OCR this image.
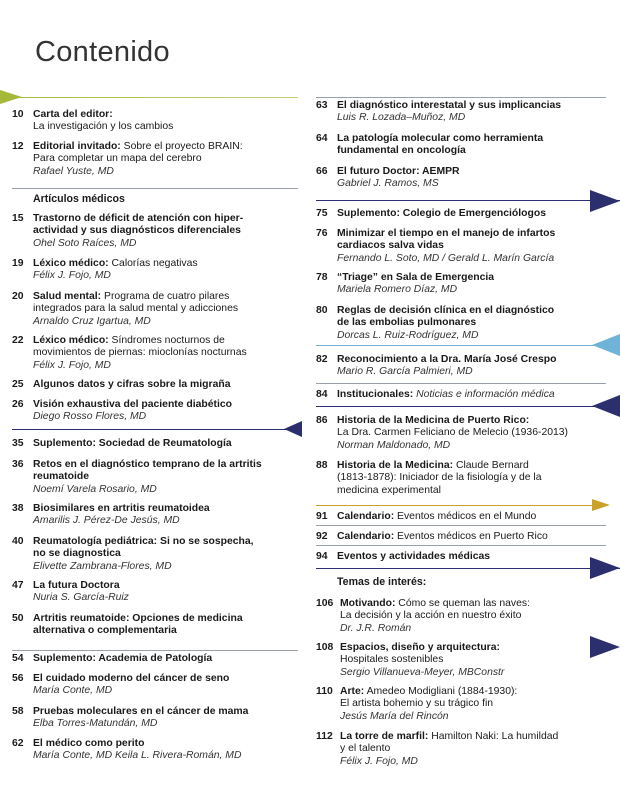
Contenido
10 Carta del editor:
La investigación y los cambios
12 Editorial invitado: Sobre el proyecto BRAIN:
Para completar un mapa del cerebro
Rafael Yuste, MD
Artículos médicos
15 Trastorno de déficit de atención con hiper-
actividad y sus diagnósticos diferenciales
Ohel Soto Raíces, MD
19 Léxico médico: Calorías negativas
Félix J. Fojo, MD
20 Salud mental: Programa de cuatro pilares
integrados para la salud mental y adicciones
Arnaldo Cruz Igartua, MD
22 Léxico médico: Síndromes nocturnos de
movimientos de piernas: mioclonías nocturnas
Félix J. Fojo, MD
25 Algunos datos y cifras sobre la migraña
26 Visión exhaustiva del paciente diabético
Diego Rosso Flores, MD
35 Suplemento: Sociedad de Reumatología
36 Retos en el diagnóstico temprano de la artritis
reumatoide
Noemí Varela Rosario, MD
38 Biosimilares en artritis reumatoidea
Amarilis J. Pérez-De Jesús, MD
40 Reumatología pediátrica: Si no se sospecha,
no se diagnostica
Elivette Zambrana-Flores, MD
47 La futura Doctora
Nuria S. García-Ruiz
50 Artritis reumatoide: Opciones de medicina
alternativa o complementaria
54 Suplemento: Academia de Patología
56 El cuidado moderno del cáncer de seno
María Conte, MD
58 Pruebas moleculares en el cáncer de mama
Elba Torres-Matundán, MD
62 El médico como perito
María Conte, MD Keila L. Rivera-Román, MD
63 El diagnóstico interestatal y sus implicancias
Luis R. Lozada–Muñoz, MD
64 La patología molecular como herramienta
fundamental en oncología
66 El futuro Doctor: AEMPR
Gabriel J. Ramos, MS
75 Suplemento: Colegio de Emergenciólogos
76 Minimizar el tiempo en el manejo de infartos
cardiacos salva vidas
Fernando L. Soto, MD / Gerald L. Marín García
78 “Triage” en Sala de Emergencia
Mariela Romero Díaz, MD
80 Reglas de decisión clínica en el diagnóstico
de las embolias pulmonares
Dorcas L. Ruiz-Rodríguez, MD
82 Reconocimiento a la Dra. María José Crespo
Mario R. García Palmieri, MD
84 Institucionales: Noticias e información médica
86 Historia de la Medicina de Puerto Rico:
La Dra. Carmen Feliciano de Melecio (1936-2013)
Norman Maldonado, MD
88 Historia de la Medicina: Claude Bernard
(1813-1878): Iniciador de la fisiología y de la
medicina experimental
91 Calendario: Eventos médicos en el Mundo
92 Calendario: Eventos médicos en Puerto Rico
94 Eventos y actividades médicas
Temas de interés:
106 Motivando: Cómo se queman las naves:
La decisión y la acción en nuestro éxito
Dr. J.R. Román
108 Espacios, diseño y arquitectura:
Hospitales sostenibles
Sergio Villanueva-Meyer, MBConstr
110 Arte: Amedeo Modigliani (1884-1930):
El artista bohemio y su trágico fin
Jesús María del Rincón
112 La torre de marfil: Hamilton Naki: La humildad
y el talento
Félix J. Fojo, MD
